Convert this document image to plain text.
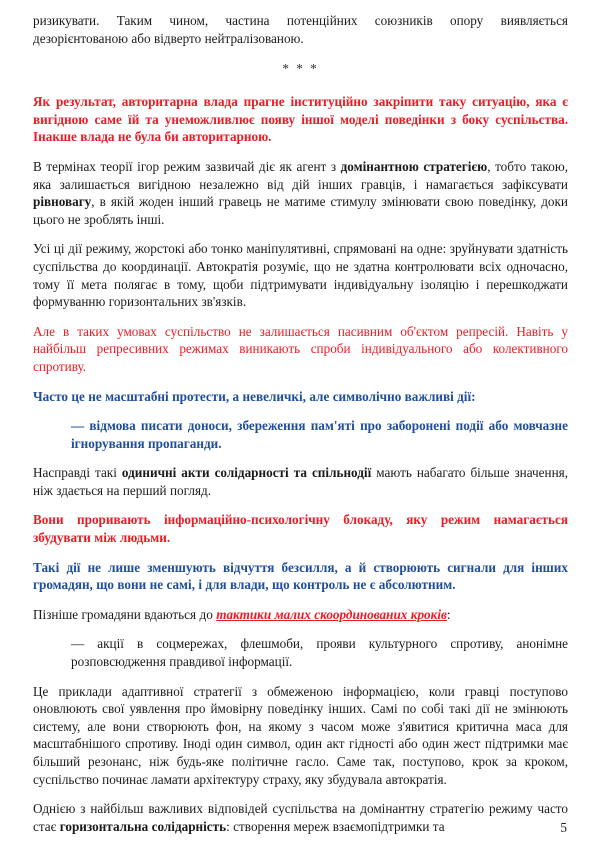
ризикувати. Таким чином, частина потенційних союзників опору виявляється дезорієнтованою або відверто нейтралізованою.

* * *

Як результат, авторитарна влада прагне інституційно закріпити таку ситуацію, яка є вигідною саме їй та унеможливлює появу іншої моделі поведінки з боку суспільства. Інакше влада не була би авторитарною.

В термінах теорії ігор режим зазвичай діє як агент з домінантною стратегією, тобто такою, яка залишається вигідною незалежно від дій інших гравців, і намагається зафіксувати рівновагу, в якій жоден інший гравець не матиме стимулу змінювати свою поведінку, доки цього не зроблять інші.

Усі ці дії режиму, жорстокі або тонко маніпулятивні, спрямовані на одне: зруйнувати здатність суспільства до координації. Автократія розуміє, що не здатна контролювати всіх одночасно, тому її мета полягає в тому, щоби підтримувати індивідуальну ізоляцію і перешкоджати формуванню горизонтальних зв'язків.

Але в таких умовах суспільство не залишається пасивним об'єктом репресій. Навіть у найбільш репресивних режимах виникають спроби індивідуального або колективного спротиву.

Часто це не масштабні протести, а невеличкі, але символічно важливі дії:

— відмова писати доноси, збереження пам'яті про заборонені події або мовчазне ігнорування пропаганди.

Насправді такі одиничні акти солідарності та спільнодії мають набагато більше значення, ніж здається на перший погляд.

Вони проривають інформаційно-психологічну блокаду, яку режим намагається збудувати між людьми.

Такі дії не лише зменшують відчуття безсилля, а й створюють сигнали для інших громадян, що вони не самі, і для влади, що контроль не є абсолютним.

Пізніше громадяни вдаються до тактики малих скоординованих кроків:

— акції в соцмережах, флешмоби, прояви культурного спротиву, анонімне розповсюдження правдивої інформації.

Це приклади адаптивної стратегії з обмеженою інформацією, коли гравці поступово оновлюють свої уявлення про ймовірну поведінку інших. Самі по собі такі дії не змінюють систему, але вони створюють фон, на якому з часом може з'явитися критична маса для масштабнішого спротиву. Іноді один символ, один акт гідності або один жест підтримки має більший резонанс, ніж будь-яке політичне гасло. Саме так, поступово, крок за кроком, суспільство починає ламати архітектуру страху, яку збудувала автократія.

Однією з найбільш важливих відповідей суспільства на домінантну стратегію режиму часто стає горизонтальна солідарність: створення мереж взаємопідтримки та	5
